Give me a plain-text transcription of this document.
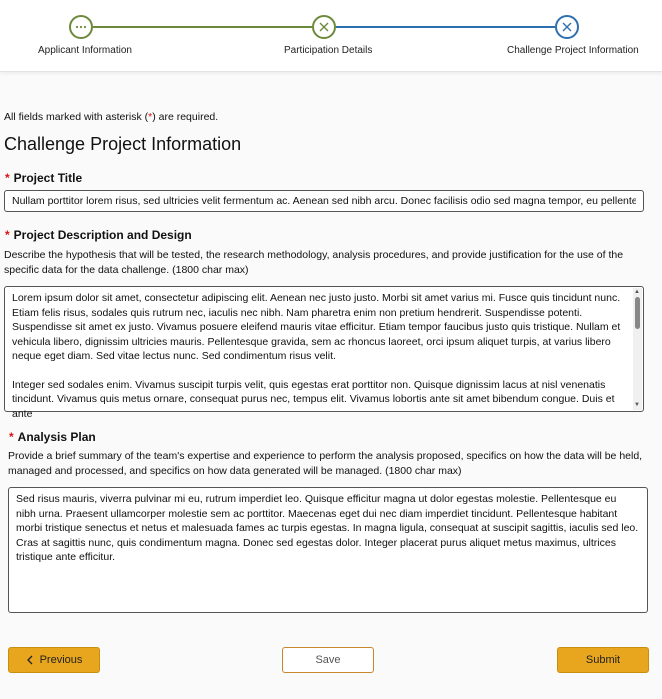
Applicant Information	Participation Details	Challenge Project Information
All fields marked with asterisk (*) are required.
Challenge Project Information
* Project Title
Nullam porttitor lorem risus, sed ultricies velit fermentum ac. Aenean sed nibh arcu. Donec facilisis odio sed magna tempor, eu pellentesque
* Project Description and Design
Describe the hypothesis that will be tested, the research methodology, analysis procedures, and provide justification for the use of the specific data for the data challenge. (1800 char max)

Lorem ipsum dolor sit amet, consectetur adipiscing elit. Aenean nec justo justo. Morbi sit amet varius mi. Fusce quis tincidunt nunc. Etiam felis risus, sodales quis rutrum nec, iaculis nec nibh. Nam pharetra enim non pretium hendrerit. Suspendisse potenti. Suspendisse sit amet ex justo. Vivamus posuere eleifend mauris vitae efficitur. Etiam tempor faucibus justo quis tristique. Nullam et vehicula libero, dignissim ultricies mauris. Pellentesque gravida, sem ac rhoncus laoreet, orci ipsum aliquet turpis, at varius libero neque eget diam. Sed vitae lectus nunc. Sed condimentum risus velit.

Integer sed sodales enim. Vivamus suscipit turpis velit, quis egestas erat porttitor non. Quisque dignissim lacus at nisl venenatis tincidunt. Vivamus quis metus ornare, consequat purus nec, tempus elit. Vivamus lobortis ante sit amet bibendum congue. Duis et ante

▲
▼
* Analysis Plan
Provide a brief summary of the team's expertise and experience to perform the analysis proposed, specifics on how the data will be held, managed and processed, and specifics on how data generated will be managed. (1800 char max)

Sed risus mauris, viverra pulvinar mi eu, rutrum imperdiet leo. Quisque efficitur magna ut dolor egestas molestie. Pellentesque eu nibh urna. Praesent ullamcorper molestie sem ac porttitor. Maecenas eget dui nec diam imperdiet tincidunt. Pellentesque habitant morbi tristique senectus et netus et malesuada fames ac turpis egestas. In magna ligula, consequat at suscipit sagittis, iaculis sed leo. Cras at sagittis nunc, quis condimentum magna. Donec sed egestas dolor. Integer placerat purus aliquet metus maximus, ultrices tristique ante efficitur.

Previous	Save	Submit
